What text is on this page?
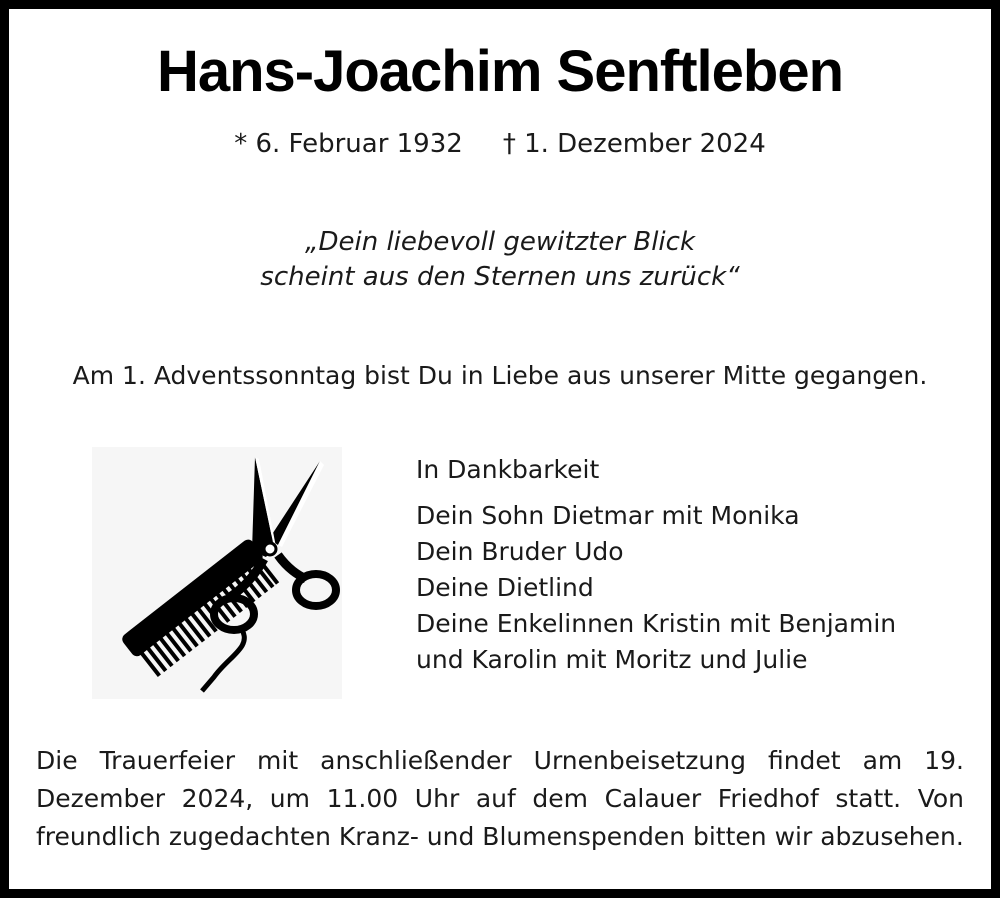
Hans-Joachim Senftleben
* 6. Februar 1932 † 1. Dezember 2024
„Dein liebevoll gewitzter Blick
scheint aus den Sternen uns zurück“
Am 1. Adventssonntag bist Du in Liebe aus unserer Mitte gegangen.
In Dankbarkeit
Dein Sohn Dietmar mit Monika
Dein Bruder Udo
Deine Dietlind
Deine Enkelinnen Kristin mit Benjamin
und Karolin mit Moritz und Julie
Die Trauerfeier mit anschließender Urnenbeisetzung findet am 19. Dezember 2024, um 11.00 Uhr auf dem Calauer Friedhof statt. Von freundlich zugedachten Kranz- und Blumenspenden bitten wir abzusehen.
